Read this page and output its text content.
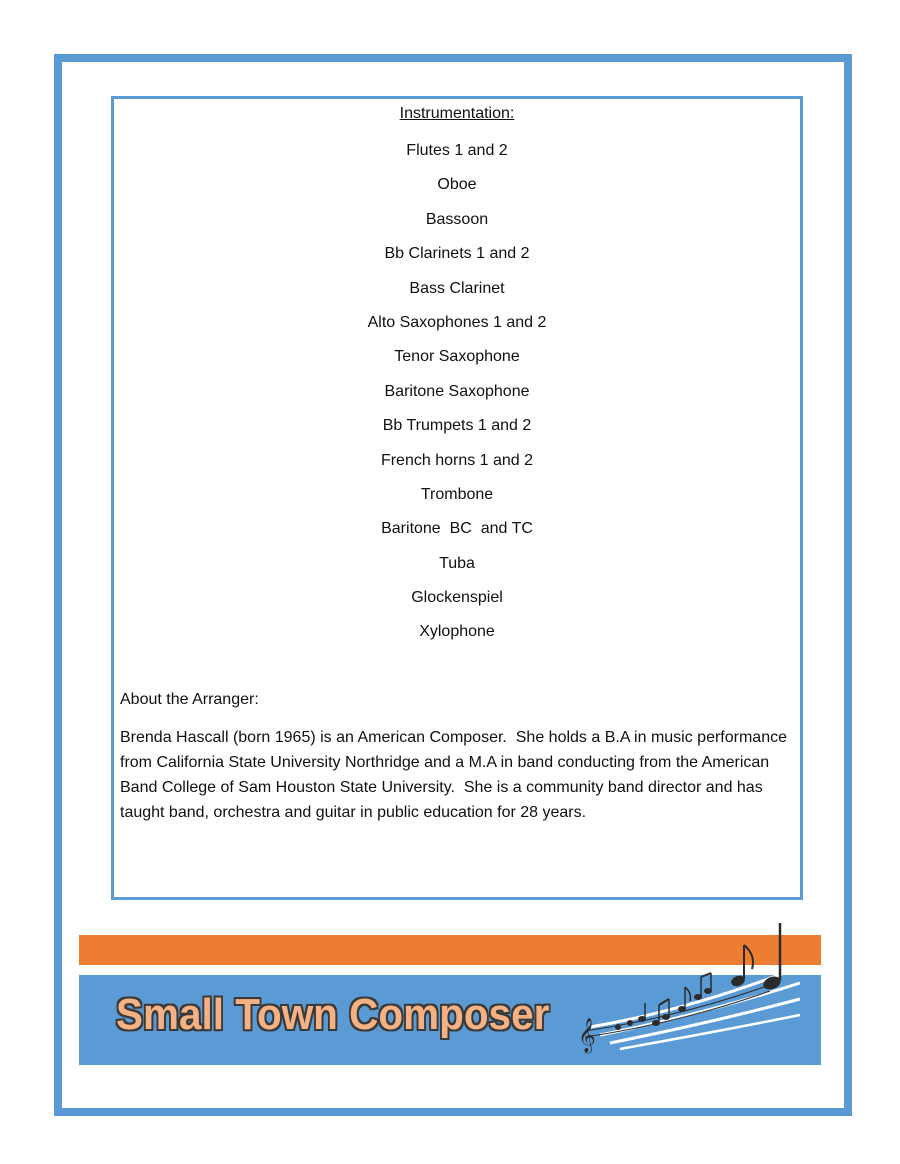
Instrumentation:
Flutes 1 and 2
Oboe
Bassoon
Bb Clarinets 1 and 2
Bass Clarinet
Alto Saxophones 1 and 2
Tenor Saxophone
Baritone Saxophone
Bb Trumpets 1 and 2
French horns 1 and 2
Trombone
Baritone  BC  and TC
Tuba
Glockenspiel
Xylophone
About the Arranger:
Brenda Hascall (born 1965) is an American Composer.  She holds a B.A in music performance from California State University Northridge and a M.A in band conducting from the American Band College of Sam Houston State University.  She is a community band director and has taught band, orchestra and guitar in public education for 28 years.
Small Town Composer 𝄞
